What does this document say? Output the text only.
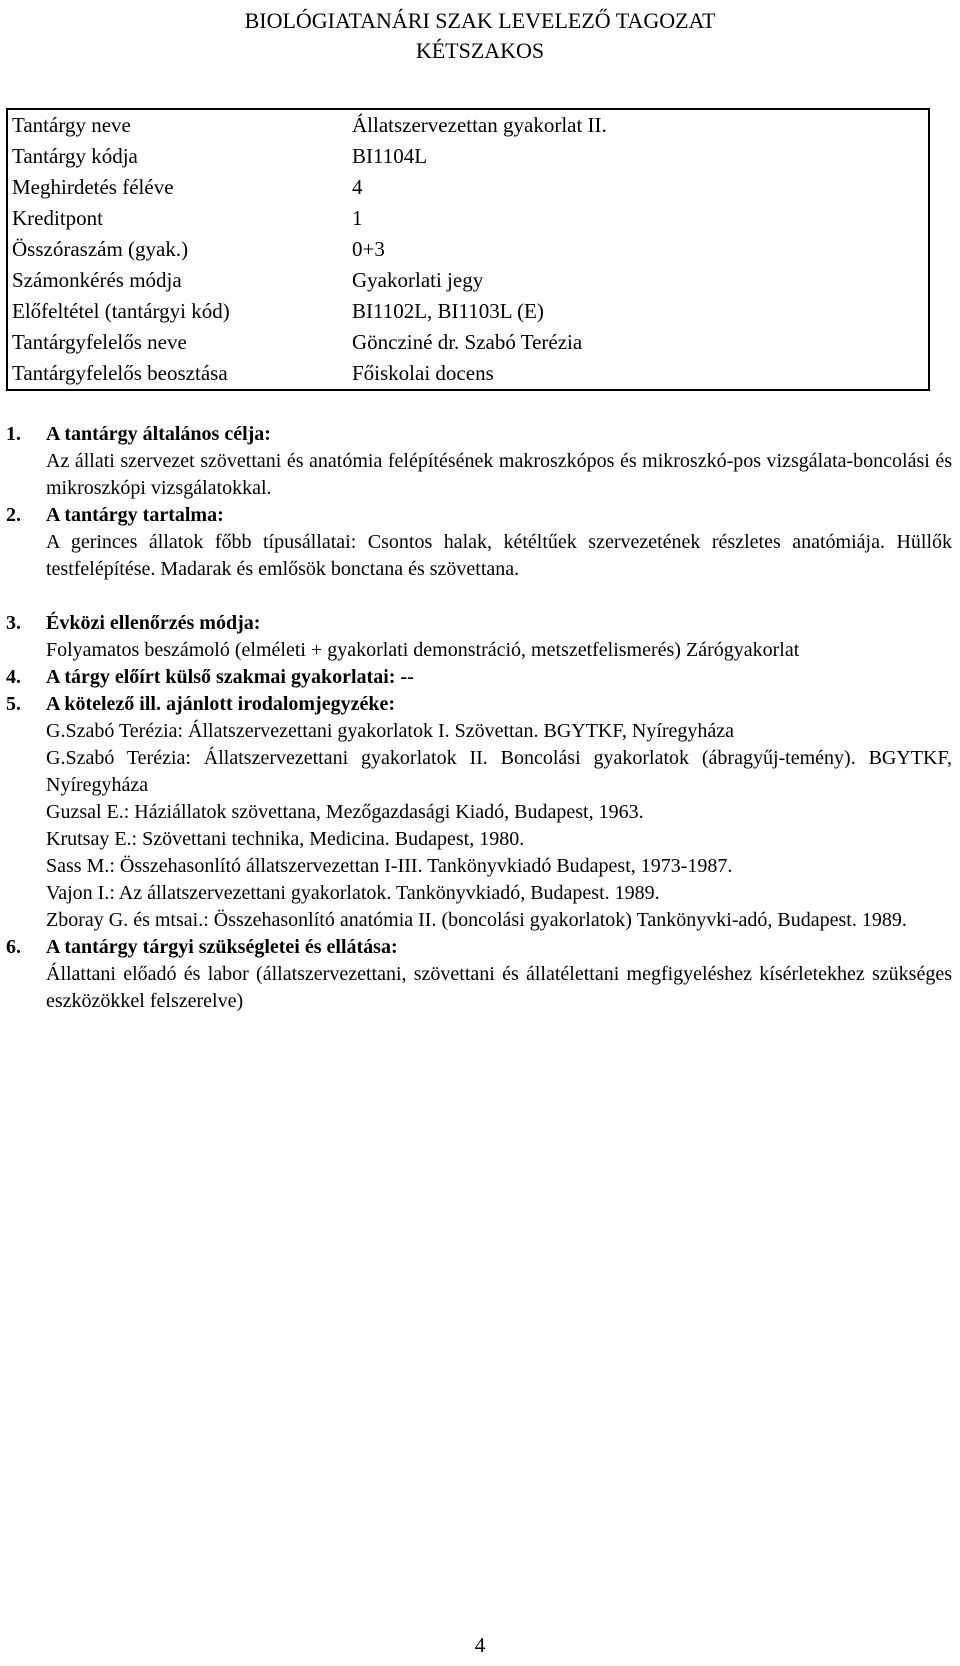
BIOLÓGIATANÁRI SZAK LEVELEZŐ TAGOZAT
KÉTSZAKOS
Tantárgy neve	Állatszervezettan gyakorlat II.
Tantárgy kódja	BI1104L
Meghirdetés féléve	4
Kreditpont	1
Összóraszám (gyak.)	0+3
Számonkérés módja	Gyakorlati jegy
Előfeltétel (tantárgyi kód)	BI1102L, BI1103L (E)
Tantárgyfelelős neve	Göncziné dr. Szabó Terézia
Tantárgyfelelős beosztása	Főiskolai docens
1.	A tantárgy általános célja:

Az állati szervezet szövettani és anatómia felépítésének makroszkópos és mikroszkó-pos vizsgálata-boncolási és mikroszkópi vizsgálatokkal.

2.	A tantárgy tartalma:

A gerinces állatok főbb típusállatai: Csontos halak, kétéltűek szervezetének részletes anatómiája. Hüllők testfelépítése. Madarak és emlősök bonctana és szövettana.

3.	Évközi ellenőrzés módja:

Folyamatos beszámoló (elméleti + gyakorlati demonstráció, metszetfelismerés) Zárógyakorlat

4.	A tárgy előírt külső szakmai gyakorlatai: --
5.	A kötelező ill. ajánlott irodalomjegyzéke:

G.Szabó Terézia: Állatszervezettani gyakorlatok I. Szövettan. BGYTKF, Nyíregyháza

G.Szabó Terézia: Állatszervezettani gyakorlatok II. Boncolási gyakorlatok (ábragyűj-temény). BGYTKF, Nyíregyháza

Guzsal E.: Háziállatok szövettana, Mezőgazdasági Kiadó, Budapest, 1963.

Krutsay E.: Szövettani technika, Medicina. Budapest, 1980.

Sass M.: Összehasonlító állatszervezettan I-III. Tankönyvkiadó Budapest, 1973-1987.

Vajon I.: Az állatszervezettani gyakorlatok. Tankönyvkiadó, Budapest. 1989.

Zboray G. és mtsai.: Összehasonlító anatómia II. (boncolási gyakorlatok) Tankönyvki-adó, Budapest. 1989.

6.	A tantárgy tárgyi szükségletei és ellátása:

Állattani előadó és labor (állatszervezettani, szövettani és állatélettani megfigyeléshez kísérletekhez szükséges eszközökkel felszerelve)

4
